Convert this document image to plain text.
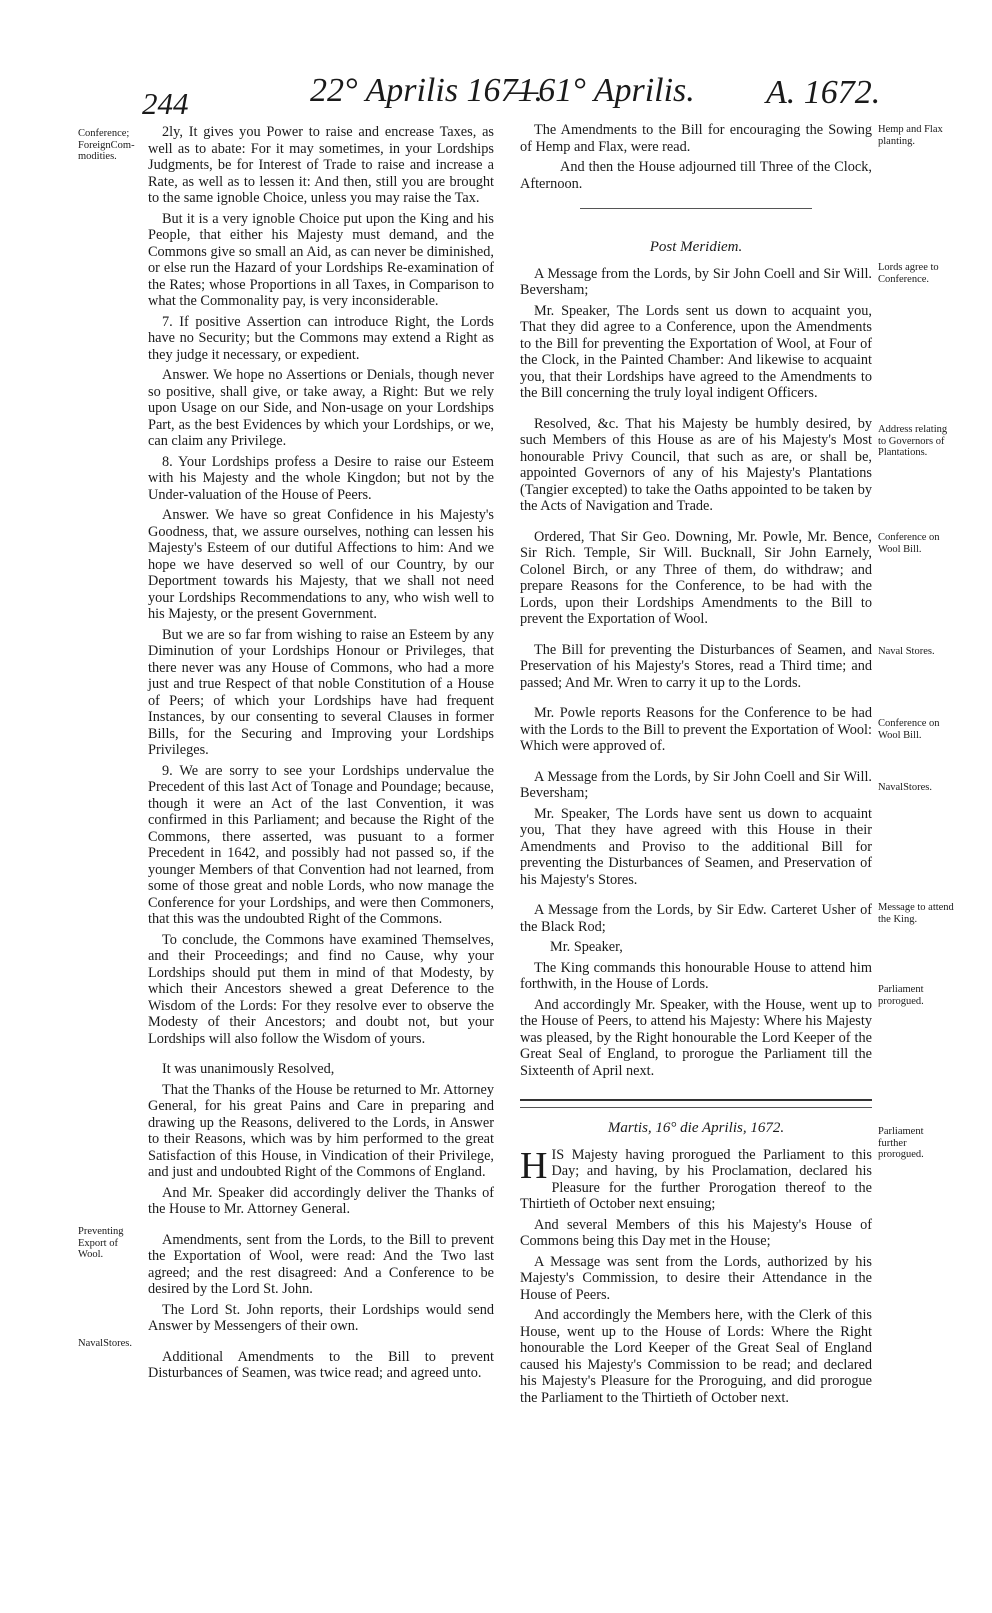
244	22° Aprilis 1671.	A. 1672.
—61° Aprilis.
Conference; ForeignCom-modities.
Preventing Export of Wool.
NavalStores.
Hemp and Flax planting.
Lords agree to Conference.
Address relating to Governors of Plantations.
Conference on Wool Bill.
Naval Stores.
Conference on Wool Bill.
NavalStores.
Message to attend the King.
Parliament prorogued.
Parliament further prorogued.

2ly, It gives you Power to raise and encrease Taxes, as well as to abate: For it may sometimes, in your Lordships Judgments, be for Interest of Trade to raise and increase a Rate, as well as to lessen it: And then, still you are brought to the same ignoble Choice, unless you may raise the Tax.

But it is a very ignoble Choice put upon the King and his People, that either his Majesty must demand, and the Commons give so small an Aid, as can never be diminished, or else run the Hazard of your Lordships Re-examination of the Rates; whose Proportions in all Taxes, in Comparison to what the Commonality pay, is very inconsiderable.

7. If positive Assertion can introduce Right, the Lords have no Security; but the Commons may extend a Right as they judge it necessary, or expedient.

Answer. We hope no Assertions or Denials, though never so positive, shall give, or take away, a Right: But we rely upon Usage on our Side, and Non-usage on your Lordships Part, as the best Evidences by which your Lordships, or we, can claim any Privilege.

8. Your Lordships profess a Desire to raise our Esteem with his Majesty and the whole Kingdon; but not by the Under-valuation of the House of Peers.

Answer. We have so great Confidence in his Majesty's Goodness, that, we assure ourselves, nothing can lessen his Majesty's Esteem of our dutiful Affections to him: And we hope we have deserved so well of our Country, by our Deportment towards his Majesty, that we shall not need your Lordships Recommendations to any, who wish well to his Majesty, or the present Government.

But we are so far from wishing to raise an Esteem by any Diminution of your Lordships Honour or Privileges, that there never was any House of Commons, who had a more just and true Respect of that noble Constitution of a House of Peers; of which your Lordships have had frequent Instances, by our consenting to several Clauses in former Bills, for the Securing and Improving your Lordships Privileges.

9. We are sorry to see your Lordships undervalue the Precedent of this last Act of Tonage and Poundage; because, though it were an Act of the last Convention, it was confirmed in this Parliament; and because the Right of the Commons, there asserted, was pusuant to a former Precedent in 1642, and possibly had not passed so, if the younger Members of that Convention had not learned, from some of those great and noble Lords, who now manage the Conference for your Lordships, and were then Commoners, that this was the undoubted Right of the Commons.

To conclude, the Commons have examined Themselves, and their Proceedings; and find no Cause, why your Lordships should put them in mind of that Modesty, by which their Ancestors shewed a great Deference to the Wisdom of the Lords: For they resolve ever to observe the Modesty of their Ancestors; and doubt not, but your Lordships will also follow the Wisdom of yours.

It was unanimously Resolved,

That the Thanks of the House be returned to Mr. Attorney General, for his great Pains and Care in preparing and drawing up the Reasons, delivered to the Lords, in Answer to their Reasons, which was by him performed to the great Satisfaction of this House, in Vindication of their Privilege, and just and undoubted Right of the Commons of England.

And Mr. Speaker did accordingly deliver the Thanks of the House to Mr. Attorney General.

Amendments, sent from the Lords, to the Bill to prevent the Exportation of Wool, were read: And the Two last agreed; and the rest disagreed: And a Conference to be desired by the Lord St. John.

The Lord St. John reports, their Lordships would send Answer by Messengers of their own.

Additional Amendments to the Bill to prevent Disturbances of Seamen, was twice read; and agreed unto.

The Amendments to the Bill for encouraging the Sowing of Hemp and Flax, were read.

And then the House adjourned till Three of the Clock, Afternoon.

Post Meridiem.

A Message from the Lords, by Sir John Coell and Sir Will. Beversham;

Mr. Speaker, The Lords sent us down to acquaint you, That they did agree to a Conference, upon the Amendments to the Bill for preventing the Exportation of Wool, at Four of the Clock, in the Painted Chamber: And likewise to acquaint you, that their Lordships have agreed to the Amendments to the Bill concerning the truly loyal indigent Officers.

Resolved, &c. That his Majesty be humbly desired, by such Members of this House as are of his Majesty's Most honourable Privy Council, that such as are, or shall be, appointed Governors of any of his Majesty's Plantations (Tangier excepted) to take the Oaths appointed to be taken by the Acts of Navigation and Trade.

Ordered, That Sir Geo. Downing, Mr. Powle, Mr. Bence, Sir Rich. Temple, Sir Will. Bucknall, Sir John Earnely, Colonel Birch, or any Three of them, do withdraw; and prepare Reasons for the Conference, to be had with the Lords, upon their Lordships Amendments to the Bill to prevent the Exportation of Wool.

The Bill for preventing the Disturbances of Seamen, and Preservation of his Majesty's Stores, read a Third time; and passed; And Mr. Wren to carry it up to the Lords.

Mr. Powle reports Reasons for the Conference to be had with the Lords to the Bill to prevent the Exportation of Wool: Which were approved of.

A Message from the Lords, by Sir John Coell and Sir Will. Beversham;

Mr. Speaker, The Lords have sent us down to acquaint you, That they have agreed with this House in their Amendments and Proviso to the additional Bill for preventing the Disturbances of Seamen, and Preservation of his Majesty's Stores.

A Message from the Lords, by Sir Edw. Carteret Usher of the Black Rod;

Mr. Speaker,

The King commands this honourable House to attend him forthwith, in the House of Lords.

And accordingly Mr. Speaker, with the House, went up to the House of Peers, to attend his Majesty: Where his Majesty was pleased, by the Right honourable the Lord Keeper of the Great Seal of England, to prorogue the Parliament till the Sixteenth of April next.

Martis, 16° die Aprilis, 1672.

HIS Majesty having prorogued the Parliament to this Day; and having, by his Proclamation, declared his Pleasure for the further Prorogation thereof to the Thirtieth of October next ensuing;

And several Members of this his Majesty's House of Commons being this Day met in the House;

A Message was sent from the Lords, authorized by his Majesty's Commission, to desire their Attendance in the House of Peers.

And accordingly the Members here, with the Clerk of this House, went up to the House of Lords: Where the Right honourable the Lord Keeper of the Great Seal of England caused his Majesty's Commission to be read; and declared his Majesty's Pleasure for the Proroguing, and did prorogue the Parliament to the Thirtieth of October next.
